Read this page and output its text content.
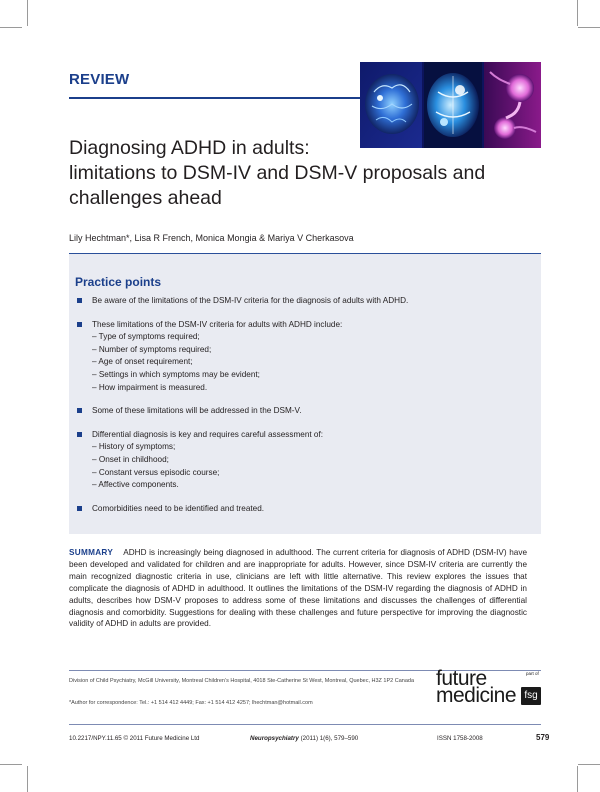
REVIEW
Diagnosing ADHD in adults:
limitations to DSM-IV and DSM-V proposals and
challenges ahead

Lily Hechtman*, Lisa R French, Monica Mongia & Mariya V Cherkasova

Practice points
Be aware of the limitations of the DSM-IV criteria for the diagnosis of adults with ADHD.
These limitations of the DSM-IV criteria for adults with ADHD include:
– Type of symptoms required;
– Number of symptoms required;
– Age of onset requirement;
– Settings in which symptoms may be evident;
– How impairment is measured.
Some of these limitations will be addressed in the DSM-V.
Differential diagnosis is key and requires careful assessment of:
– History of symptoms;
– Onset in childhood;
– Constant versus episodic course;
– Affective components.
Comorbidities need to be identified and treated.

SUMMARY ADHD is increasingly being diagnosed in adulthood. The current criteria for diagnosis of ADHD (DSM-IV) have been developed and validated for children and are inappropriate for adults. However, since DSM-IV criteria are currently the main recognized diagnostic criteria in use, clinicians are left with little alternative. This review explores the issues that complicate the diagnosis of ADHD in adulthood. It outlines the limitations of the DSM-IV regarding the diagnosis of ADHD in adults, describes how DSM-V proposes to address some of these limitations and discusses the challenges of differential diagnosis and comorbidity. Suggestions for dealing with these challenges and future perspective for improving the diagnostic validity of ADHD in adults are provided.

Division of Child Psychiatry, McGill University, Montreal Children’s Hospital, 4018 Ste-Catherine St West, Montreal, Quebec, H3Z 1P2 Canada

*Author for correspondence: Tel.: +1 514 412 4449; Fax: +1 514 412 4257; lhechtman@hotmail.com

future
medicine
part of
fsg

10.2217/NPY.11.65 © 2011 Future Medicine Ltd	Neuropsychiatry (2011) 1(6), 579–590	ISSN 1758-2008	579
